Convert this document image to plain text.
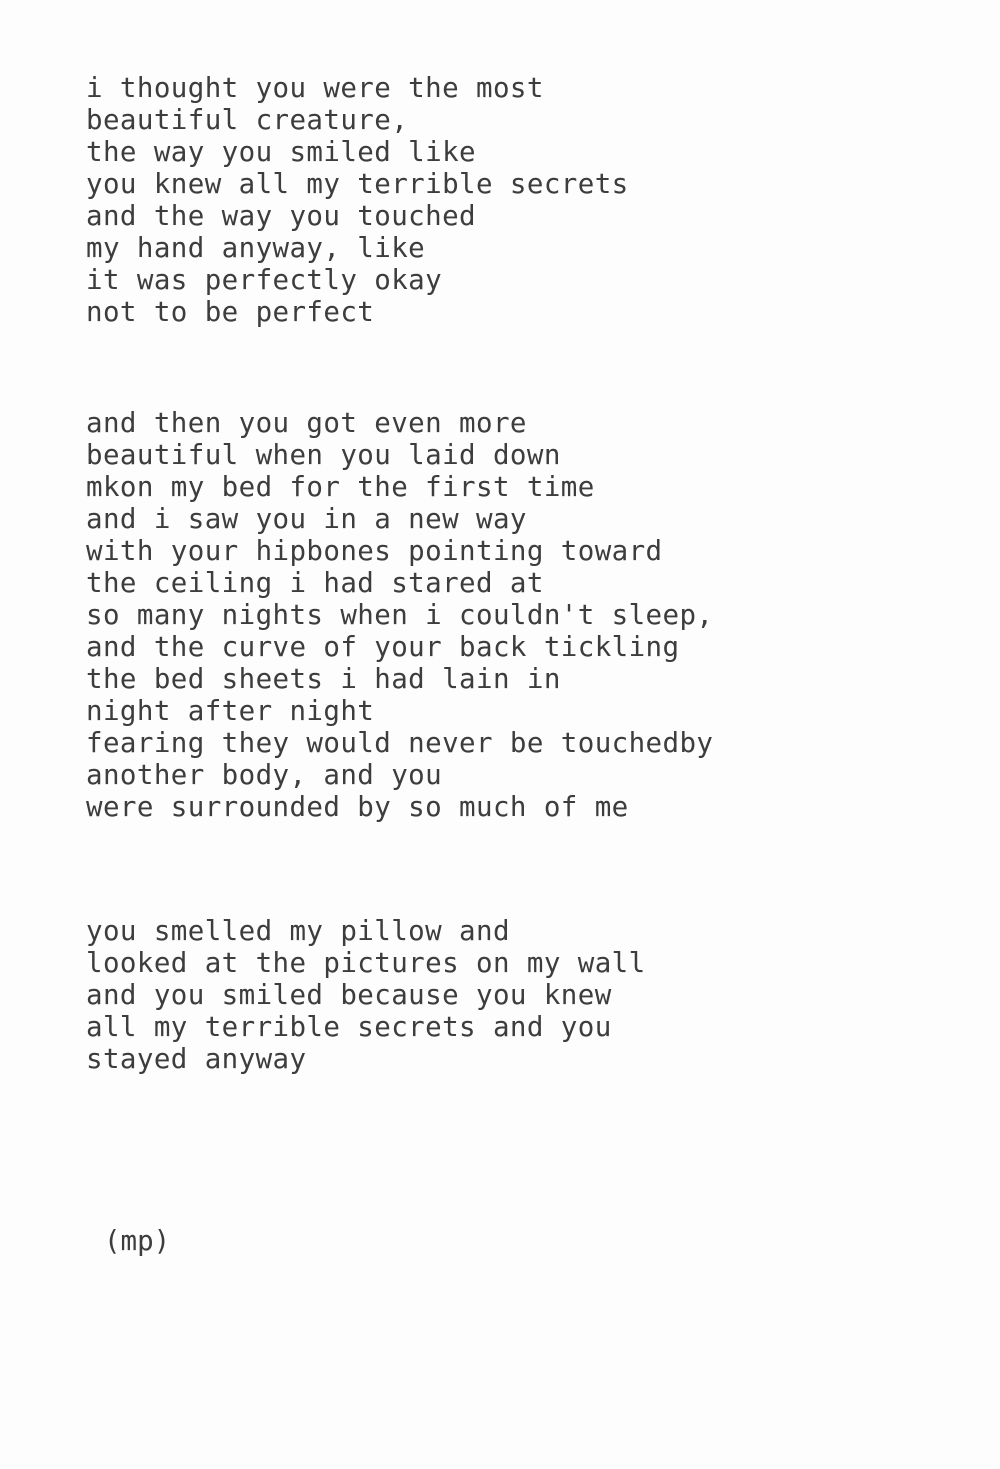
i thought you were the most
beautiful creature,
the way you smiled like
you knew all my terrible secrets
and the way you touched
my hand anyway, like
it was perfectly okay
not to be perfect
and then you got even more
beautiful when you laid down
mkon my bed for the first time
and i saw you in a new way
with your hipbones pointing toward
the ceiling i had stared at
so many nights when i couldn't sleep,
and the curve of your back tickling
the bed sheets i had lain in
night after night
fearing they would never be touchedby
another body, and you
were surrounded by so much of me
you smelled my pillow and
looked at the pictures on my wall
and you smiled because you knew
all my terrible secrets and you
stayed anyway
(mp)
